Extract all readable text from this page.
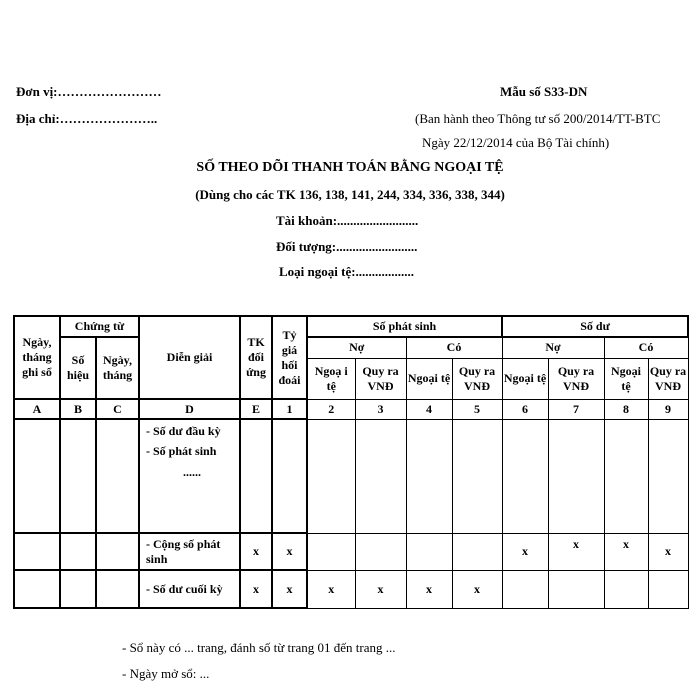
Đơn vị:……………………
Địa chỉ:…………………..
Mẫu số S33-DN
(Ban hành theo Thông tư số 200/2014/TT-BTC
Ngày 22/12/2014 của Bộ Tài chính)
SỐ THEO DÕI THANH TOÁN BẰNG NGOẠI TỆ
(Dùng cho các TK 136, 138, 141, 244, 334, 336, 338, 344)
Tài khoản:.........................
Đối tượng:.........................
Loại ngoại tệ:..................
Ngày, tháng ghi sổ	Chứng từ		Diễn giải	TK đối ứng	Tỷ giá hối đoái	Số phát sinh				Số dư			
	Số hiệu	Ngày, tháng				Nợ		Có		Nợ		Có	
						Ngoạ i tệ	Quy ra VNĐ	Ngoại tệ	Quy ra VNĐ	Ngoại tệ	Quy ra VNĐ	Ngoại tệ	Quy ra VNĐ
A	B	C	D	E	1	2	3	4	5	6	7	8	9

			- Số dư đầu kỳ
- Số phát sinh
......										

			- Cộng số phát sinh	x	x					x	x	x	x
			- Số dư cuối kỳ	x	x	x	x	x	x				
- Sổ này có ... trang, đánh số từ trang 01 đến trang ...
- Ngày mở sổ: ...
